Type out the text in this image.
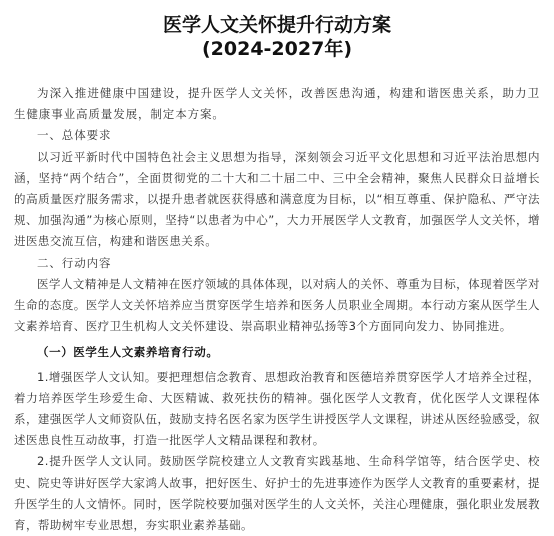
医学人文关怀提升行动方案
(2024-2027年)

为深入推进健康中国建设，提升医学人文关怀，改善医患沟通，构建和谐医患关系，助力卫生健康事业高质量发展，制定本方案。

一、总体要求

以习近平新时代中国特色社会主义思想为指导，深刻领会习近平文化思想和习近平法治思想内涵，坚持“两个结合”，全面贯彻党的二十大和二十届二中、三中全会精神，聚焦人民群众日益增长的高质量医疗服务需求，以提升患者就医获得感和满意度为目标，以“相互尊重、保护隐私、严守法规、加强沟通”为核心原则，坚持“以患者为中心”，大力开展医学人文教育，加强医学人文关怀，增进医患交流互信，构建和谐医患关系。

二、行动内容

医学人文精神是人文精神在医疗领域的具体体现，以对病人的关怀、尊重为目标，体现着医学对生命的态度。医学人文关怀培养应当贯穿医学生培养和医务人员职业全周期。本行动方案从医学生人文素养培育、医疗卫生机构人文关怀建设、崇高职业精神弘扬等3个方面同向发力、协同推进。

（一）医学生人文素养培育行动。

1.增强医学人文认知。要把理想信念教育、思想政治教育和医德培养贯穿医学人才培养全过程，着力培养医学生珍爱生命、大医精诚、救死扶伤的精神。强化医学人文教育，优化医学人文课程体系，建强医学人文师资队伍，鼓励支持名医名家为医学生讲授医学人文课程，讲述从医经验感受，叙述医患良性互动故事，打造一批医学人文精品课程和教材。

2.提升医学人文认同。鼓励医学院校建立人文教育实践基地、生命科学馆等，结合医学史、校史、院史等讲好医学大家鸿人故事，把好医生、好护士的先进事迹作为医学人文教育的重要素材，提升医学生的人文情怀。同时，医学院校要加强对医学生的人文关怀，关注心理健康，强化职业发展教育，帮助树牢专业思想，夯实职业素养基础。
